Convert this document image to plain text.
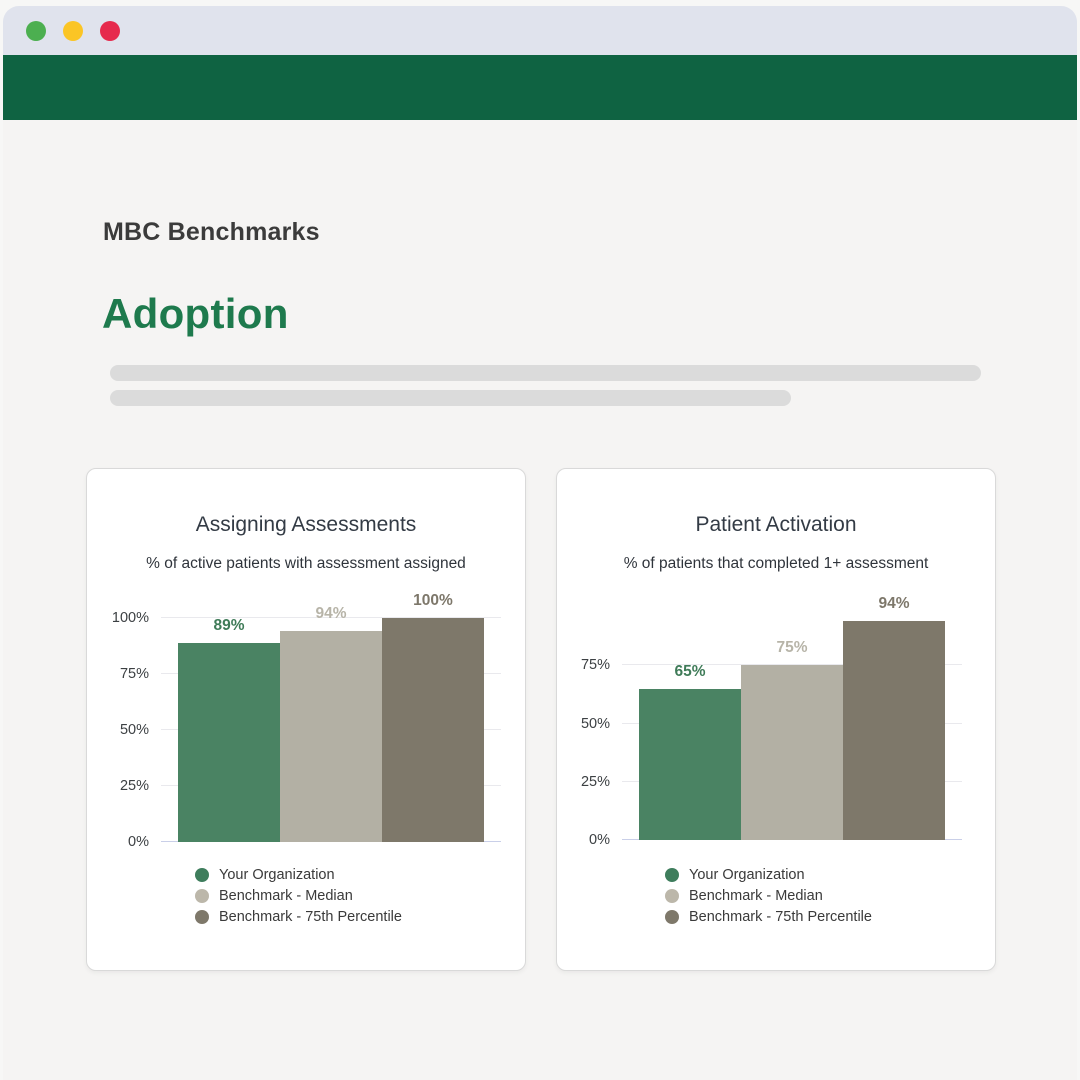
MBC Benchmarks
Adoption
Assigning Assessments
% of active patients with assessment assigned
100%
75%
50%
25%
0%
89%
94%
100%
Your Organization
Benchmark - Median
Benchmark - 75th Percentile
Patient Activation
% of patients that completed 1+ assessment
75%
50%
25%
0%
65%
75%
94%
Your Organization
Benchmark - Median
Benchmark - 75th Percentile
